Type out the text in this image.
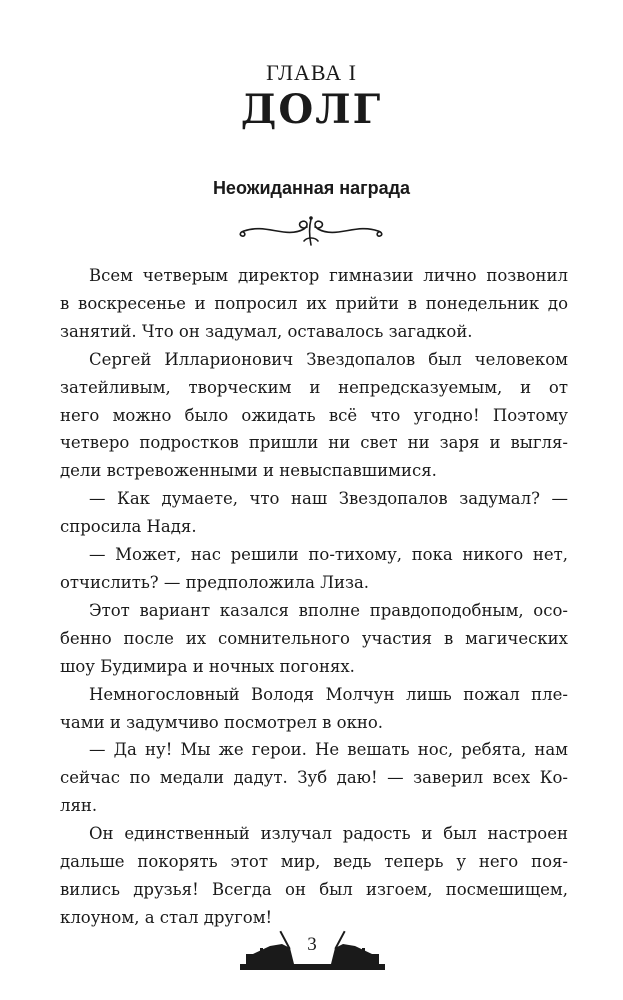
ГЛАВА I
ДОЛГ
Неожиданная награда
Всем четверым директор гимназии лично позвонил
в воскресенье и попросил их прийти в понедельник до
занятий. Что он задумал, оставалось загадкой.
Сергей Илларионович Звездопалов был человеком
затейливым, творческим и непредсказуемым, и от
него можно было ожидать всё что угодно! Поэтому
четверо подростков пришли ни свет ни заря и выгля-
дели встревоженными и невыспавшимися.
— Как думаете, что наш Звездопалов задумал? —
спросила Надя.
— Может, нас решили по-тихому, пока никого нет,
отчислить? — предположила Лиза.
Этот вариант казался вполне правдоподобным, осо-
бенно после их сомнительного участия в магических
шоу Будимира и ночных погонях.
Немногословный Володя Молчун лишь пожал пле-
чами и задумчиво посмотрел в окно.
— Да ну! Мы же герои. Не вешать нос, ребята, нам
сейчас по медали дадут. Зуб даю! — заверил всех Ко-
лян.
Он единственный излучал радость и был настроен
дальше покорять этот мир, ведь теперь у него поя-
вились друзья! Всегда он был изгоем, посмешищем,
клоуном, а стал другом!
3
